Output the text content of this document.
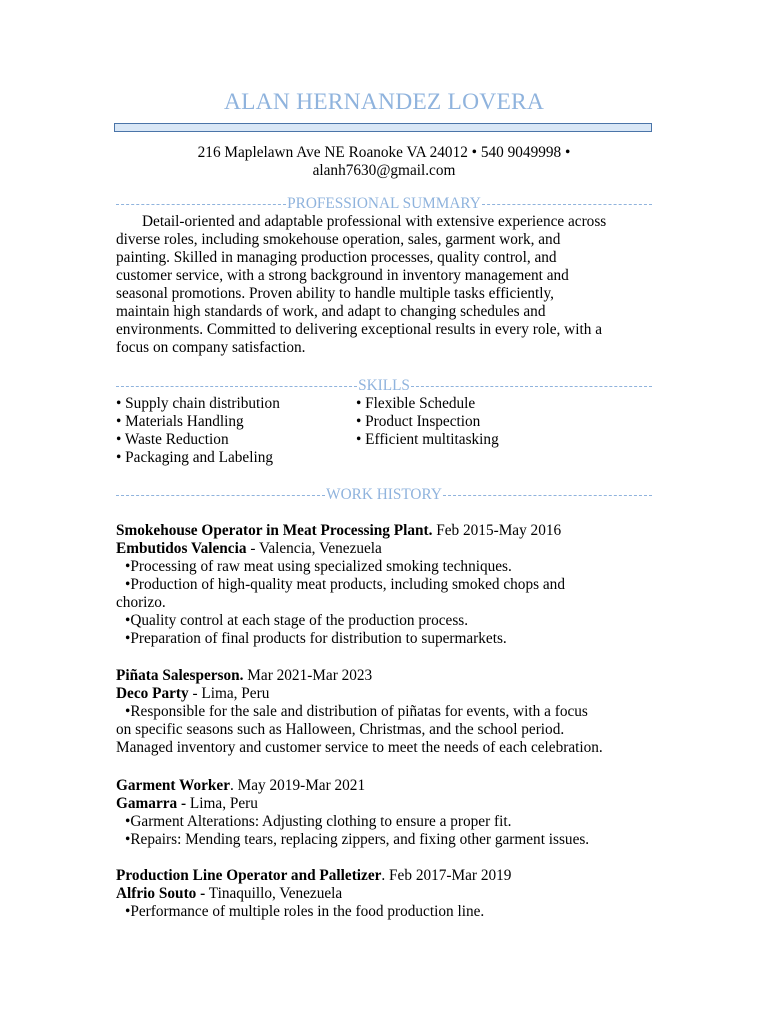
ALAN HERNANDEZ LOVERA
216 Maplelawn Ave NE Roanoke VA 24012 • 540 9049998 •
alanh7630@gmail.com
PROFESSIONAL SUMMARY
Detail-oriented and adaptable professional with extensive experience across
diverse roles, including smokehouse operation, sales, garment work, and
painting. Skilled in managing production processes, quality control, and
customer service, with a strong background in inventory management and
seasonal promotions. Proven ability to handle multiple tasks efficiently,
maintain high standards of work, and adapt to changing schedules and
environments. Committed to delivering exceptional results in every role, with a
focus on company satisfaction.
SKILLS
• Supply chain distribution
• Materials Handling
• Waste Reduction
• Packaging and Labeling
• Flexible Schedule
• Product Inspection
• Efficient multitasking
WORK HISTORY
Smokehouse Operator in Meat Processing Plant. Feb 2015-May 2016
Embutidos Valencia - Valencia, Venezuela
•Processing of raw meat using specialized smoking techniques.
•Production of high-quality meat products, including smoked chops and
chorizo.
•Quality control at each stage of the production process.
•Preparation of final products for distribution to supermarkets.
Piñata Salesperson. Mar 2021-Mar 2023
Deco Party - Lima, Peru
•Responsible for the sale and distribution of piñatas for events, with a focus
on specific seasons such as Halloween, Christmas, and the school period.
Managed inventory and customer service to meet the needs of each celebration.
Garment Worker. May 2019-Mar 2021
Gamarra - Lima, Peru
•Garment Alterations: Adjusting clothing to ensure a proper fit.
•Repairs: Mending tears, replacing zippers, and fixing other garment issues.
Production Line Operator and Palletizer. Feb 2017-Mar 2019
Alfrio Souto - Tinaquillo, Venezuela
•Performance of multiple roles in the food production line.
